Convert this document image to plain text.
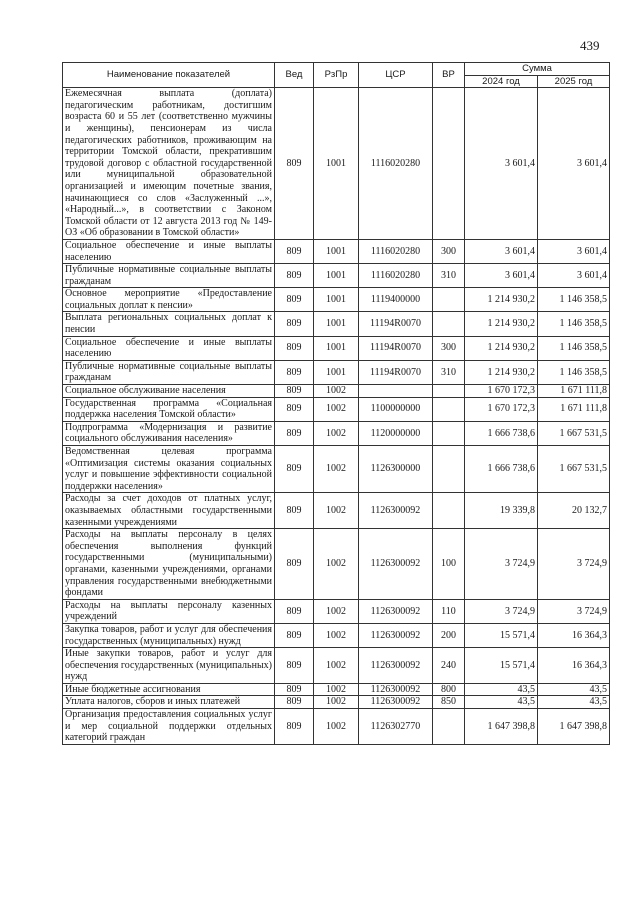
439
Наименование показателей	Вед	РзПр	ЦСР	ВР	Сумма	
					2024 год	2025 год
Ежемесячная выплата (доплата) педагогическим работникам, достигшим возраста 60 и 55 лет (соответственно мужчины и женщины), пенсионерам из числа педагогических работников, проживающим на территории Томской области, прекратившим трудовой договор с областной государственной или муниципальной образовательной организацией и имеющим почетные звания, начинающиеся со слов «Заслуженный ...», «Народный...», в соответствии с Законом Томской области от 12 августа 2013 год № 149-ОЗ «Об образовании в Томской области»	809	1001	1116020280		3 601,4	3 601,4
Социальное обеспечение и иные выплаты населению	809	1001	1116020280	300	3 601,4	3 601,4
Публичные нормативные социальные выплаты гражданам	809	1001	1116020280	310	3 601,4	3 601,4
Основное мероприятие «Предоставление социальных доплат к пенсии»	809	1001	1119400000		1 214 930,2	1 146 358,5
Выплата региональных социальных доплат к пенсии	809	1001	11194R0070		1 214 930,2	1 146 358,5
Социальное обеспечение и иные выплаты населению	809	1001	11194R0070	300	1 214 930,2	1 146 358,5
Публичные нормативные социальные выплаты гражданам	809	1001	11194R0070	310	1 214 930,2	1 146 358,5
Социальное обслуживание населения	809	1002			1 670 172,3	1 671 111,8
Государственная программа «Социальная поддержка населения Томской области»	809	1002	1100000000		1 670 172,3	1 671 111,8
Подпрограмма «Модернизация и развитие социального обслуживания населения»	809	1002	1120000000		1 666 738,6	1 667 531,5
Ведомственная целевая программа «Оптимизация системы оказания социальных услуг и повышение эффективности социальной поддержки населения»	809	1002	1126300000		1 666 738,6	1 667 531,5
Расходы за счет доходов от платных услуг, оказываемых областными государственными казенными учреждениями	809	1002	1126300092		19 339,8	20 132,7
Расходы на выплаты персоналу в целях обеспечения выполнения функций государственными (муниципальными) органами, казенными учреждениями, органами управления государственными внебюджетными фондами	809	1002	1126300092	100	3 724,9	3 724,9
Расходы на выплаты персоналу казенных учреждений	809	1002	1126300092	110	3 724,9	3 724,9
Закупка товаров, работ и услуг для обеспечения государственных (муниципальных) нужд	809	1002	1126300092	200	15 571,4	16 364,3
Иные закупки товаров, работ и услуг для обеспечения государственных (муниципальных) нужд	809	1002	1126300092	240	15 571,4	16 364,3
Иные бюджетные ассигнования	809	1002	1126300092	800	43,5	43,5
Уплата налогов, сборов и иных платежей	809	1002	1126300092	850	43,5	43,5
Организация предоставления социальных услуг и мер социальной поддержки отдельных категорий граждан	809	1002	1126302770		1 647 398,8	1 647 398,8
